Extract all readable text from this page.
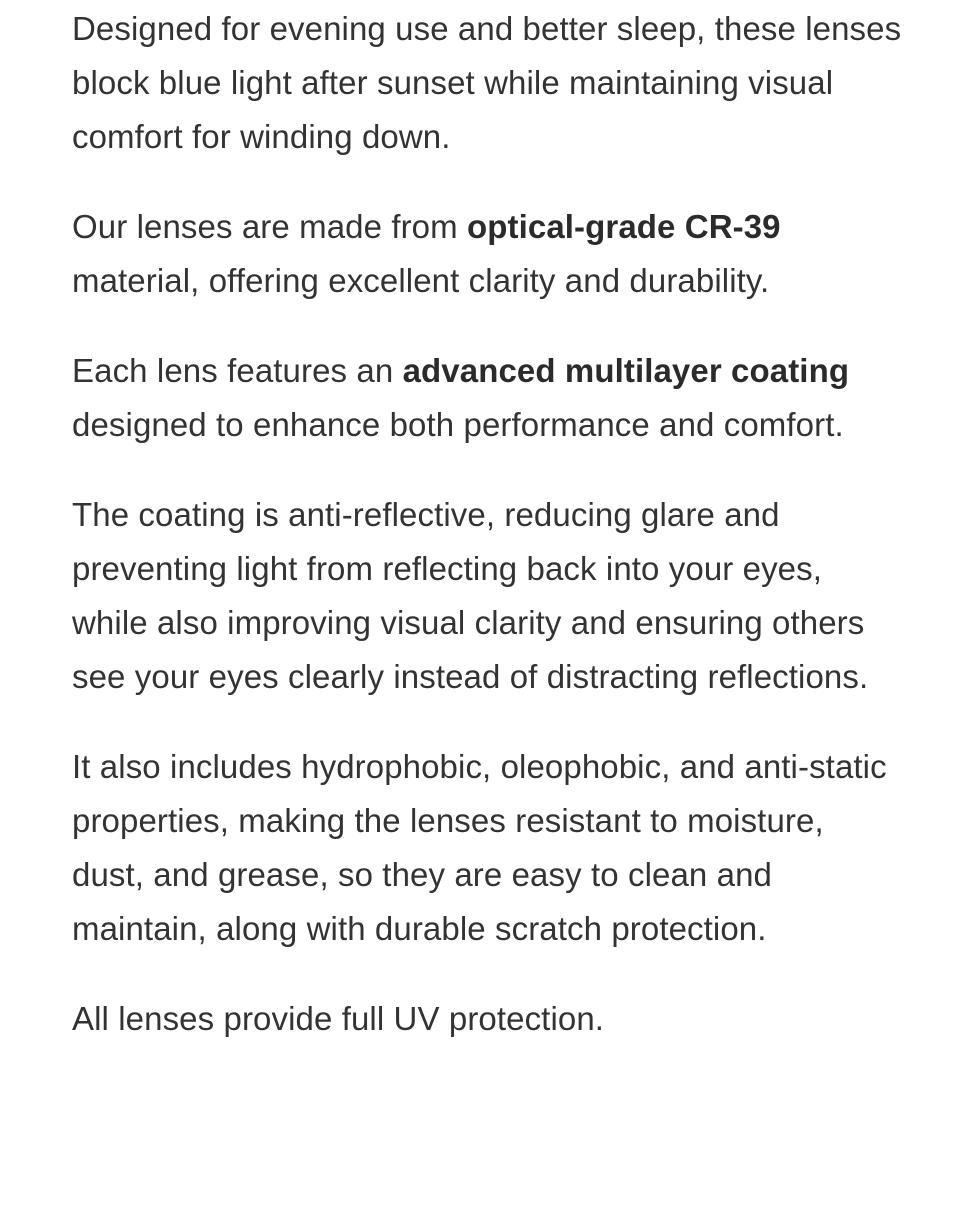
Designed for evening use and better sleep, these lenses block blue light after sunset while maintaining visual comfort for winding down.

Our lenses are made from optical-grade CR-39 material, offering excellent clarity and durability.

Each lens features an advanced multilayer coating designed to enhance both performance and comfort.

The coating is anti-reflective, reducing glare and preventing light from reflecting back into your eyes, while also improving visual clarity and ensuring others see your eyes clearly instead of distracting reflections.

It also includes hydrophobic, oleophobic, and anti-static properties, making the lenses resistant to moisture, dust, and grease, so they are easy to clean and maintain, along with durable scratch protection.

All lenses provide full UV protection.
